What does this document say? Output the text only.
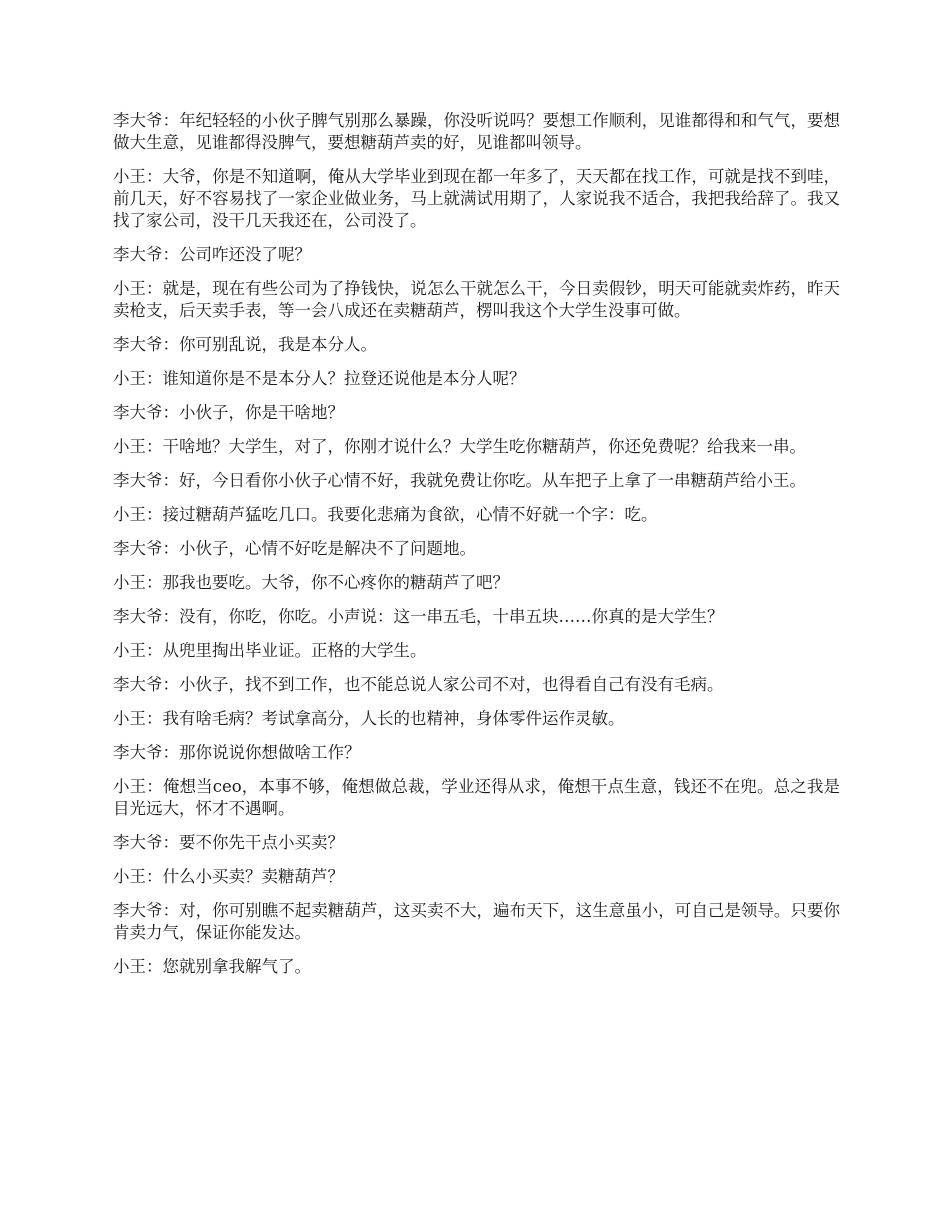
李大爷：年纪轻轻的小伙子脾气别那么暴躁，你没听说吗？要想工作顺利，见谁都得和和气气，要想做大生意，见谁都得没脾气，要想糖葫芦卖的好，见谁都叫领导。

小王：大爷，你是不知道啊，俺从大学毕业到现在都一年多了，天天都在找工作，可就是找不到哇，前几天，好不容易找了一家企业做业务，马上就满试用期了，人家说我不适合，我把我给辞了。我又找了家公司，没干几天我还在，公司没了。

李大爷：公司咋还没了呢？

小王：就是，现在有些公司为了挣钱快，说怎么干就怎么干，今日卖假钞，明天可能就卖炸药，昨天卖枪支，后天卖手表，等一会八成还在卖糖葫芦，楞叫我这个大学生没事可做。

李大爷：你可别乱说，我是本分人。

小王：谁知道你是不是本分人？拉登还说他是本分人呢？

李大爷：小伙子，你是干啥地？

小王：干啥地？大学生，对了，你刚才说什么？大学生吃你糖葫芦，你还免费呢？给我来一串。

李大爷：好，今日看你小伙子心情不好，我就免费让你吃。从车把子上拿了一串糖葫芦给小王。

小王：接过糖葫芦猛吃几口。我要化悲痛为食欲，心情不好就一个字：吃。

李大爷：小伙子，心情不好吃是解决不了问题地。

小王：那我也要吃。大爷，你不心疼你的糖葫芦了吧？

李大爷：没有，你吃，你吃。小声说：这一串五毛，十串五块……你真的是大学生？

小王：从兜里掏出毕业证。正格的大学生。

李大爷：小伙子，找不到工作，也不能总说人家公司不对，也得看自己有没有毛病。

小王：我有啥毛病？考试拿高分，人长的也精神，身体零件运作灵敏。

李大爷：那你说说你想做啥工作？

小王：俺想当ceo，本事不够，俺想做总裁，学业还得从求，俺想干点生意，钱还不在兜。总之我是目光远大，怀才不遇啊。

李大爷：要不你先干点小买卖？

小王：什么小买卖？卖糖葫芦？

李大爷：对，你可别瞧不起卖糖葫芦，这买卖不大，遍布天下，这生意虽小，可自己是领导。只要你肯卖力气，保证你能发达。

小王：您就别拿我解气了。
